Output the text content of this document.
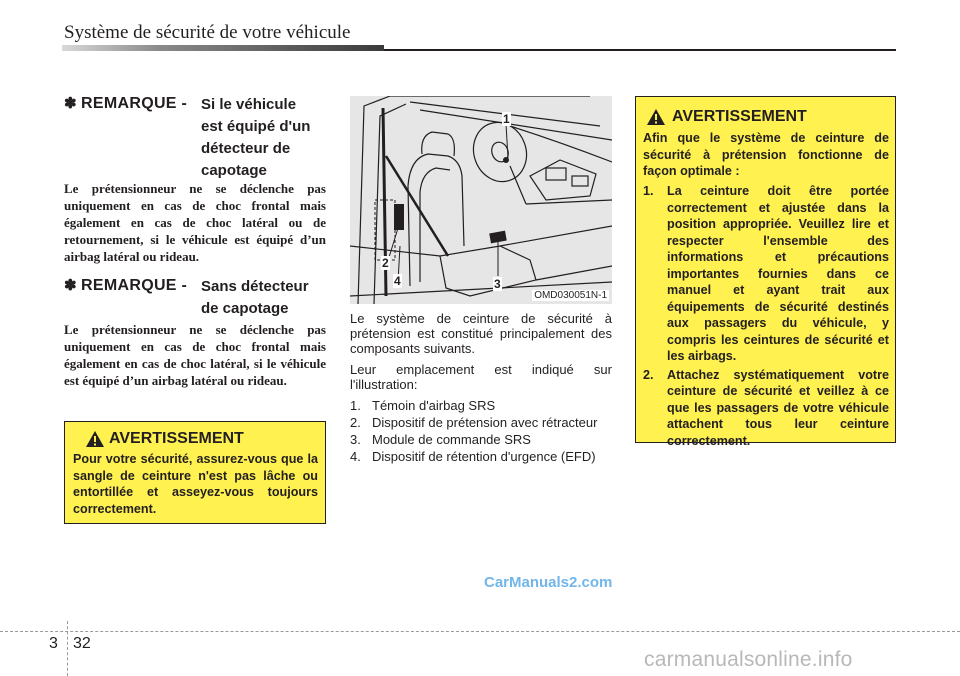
Système de sécurité de votre véhicule
✽ REMARQUE - Si le véhicule
est équipé d'un
détecteur de
capotage
Le prétensionneur ne se déclenche pas uniquement en cas de choc frontal mais également en cas de choc latéral ou de retournement, si le véhicule est équipé d’un airbag latéral ou rideau.
✽ REMARQUE - Sans détecteur
de capotage
Le prétensionneur ne se déclenche pas uniquement en cas de choc frontal mais également en cas de choc latéral, si le véhicule est équipé d’un airbag latéral ou rideau.
AVERTISSEMENT
Pour votre sécurité, assurez-vous que la sangle de ceinture n'est pas lâche ou entortillée et asseyez-vous toujours correctement.
1
2
3
4
OMD030051N-1
Le système de ceinture de sécurité à prétension est constitué principalement des composants suivants.
Leur emplacement est indiqué sur l'illustration:
1. Témoin d'airbag SRS
2. Dispositif de prétension avec rétracteur
3. Module de commande SRS
4. Dispositif de rétention d'urgence (EFD)
AVERTISSEMENT
Afin que le système de ceinture de sécurité à prétension fonctionne de façon optimale :
1. La ceinture doit être portée correctement et ajustée dans la position appropriée. Veuillez lire et respecter l'ensemble des informations et précautions importantes fournies dans ce manuel et ayant trait aux équipements de sécurité destinés aux passagers du véhicule, y compris les ceintures de sécurité et les airbags.
2. Attachez systématiquement votre ceinture de sécurité et veillez à ce que les passagers de votre véhicule attachent tous leur ceinture correctement.
CarManuals2.com
3 32
carmanualsonline.info
